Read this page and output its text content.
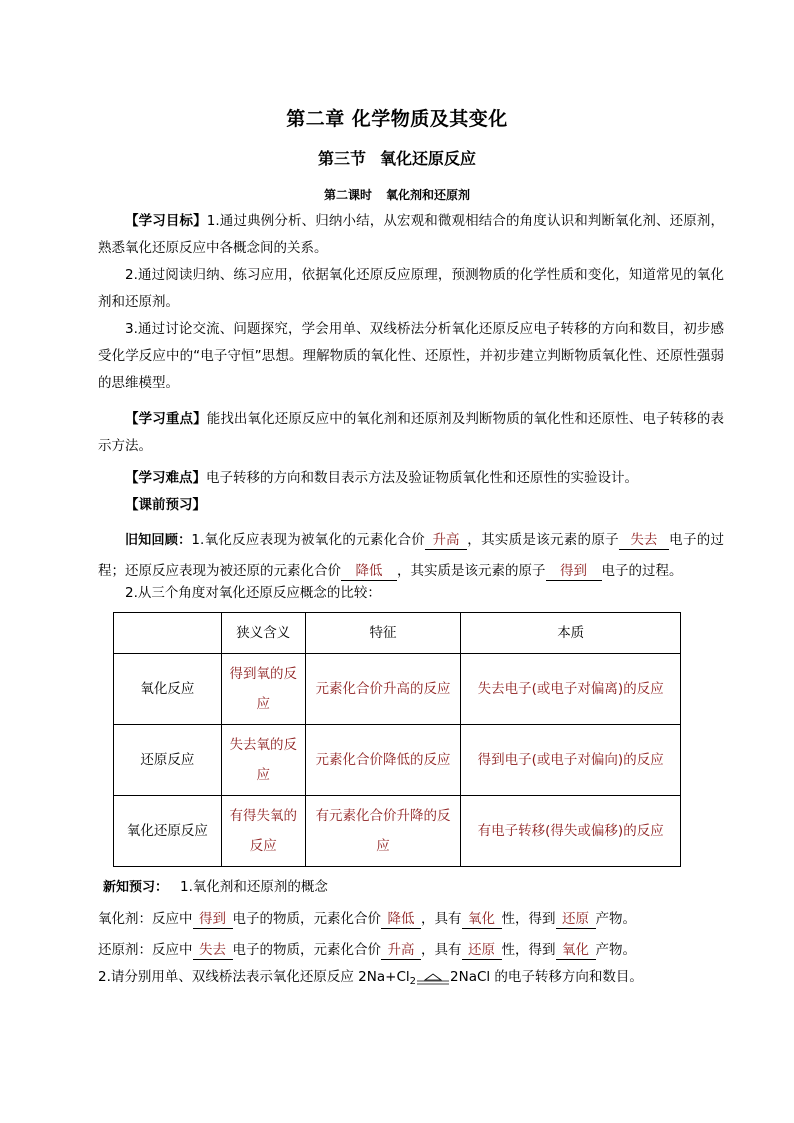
第二章 化学物质及其变化
第三节 氧化还原反应
第二课时 氧化剂和还原剂
【学习目标】1.通过典例分析、归纳小结，从宏观和微观相结合的角度认识和判断氧化剂、还原剂，熟悉氧化还原反应中各概念间的关系。
2.通过阅读归纳、练习应用，依据氧化还原反应原理，预测物质的化学性质和变化，知道常见的氧化剂和还原剂。
3.通过讨论交流、问题探究，学会用单、双线桥法分析氧化还原反应电子转移的方向和数目，初步感受化学反应中的“电子守恒”思想。理解物质的氧化性、还原性，并初步建立判断物质氧化性、还原性强弱的思维模型。
【学习重点】能找出氧化还原反应中的氧化剂和还原剂及判断物质的氧化性和还原性、电子转移的表示方法。
【学习难点】电子转移的方向和数目表示方法及验证物质氧化性和还原性的实验设计。
【课前预习】
旧知回顾：1.氧化反应表现为被氧化的元素化合价 升高 ，其实质是该元素的原子 失去 电子的过程；还原反应表现为被还原的元素化合价 降低 ，其实质是该元素的原子 得到 电子的过程。
2.从三个角度对氧化还原反应概念的比较：
	狭义含义	特征	本质
氧化反应	得到氧的反应	元素化合价升高的反应	失去电子(或电子对偏离)的反应
还原反应	失去氧的反应	元素化合价降低的反应	得到电子(或电子对偏向)的反应
氧化还原反应	有得失氧的反应	有元素化合价升降的反应	有电子转移(得失或偏移)的反应
新知预习： 1.氧化剂和还原剂的概念
氧化剂：反应中 得到 电子的物质，元素化合价 降低 ，具有 氧化 性，得到 还原 产物。
还原剂：反应中 失去 电子的物质，元素化合价 升高 ，具有 还原 性，得到 氧化 产物。
2.请分别用单、双线桥法表示氧化还原反应 $2Na+Cl_2$	2NaCl 的电子转移方向和数目。
